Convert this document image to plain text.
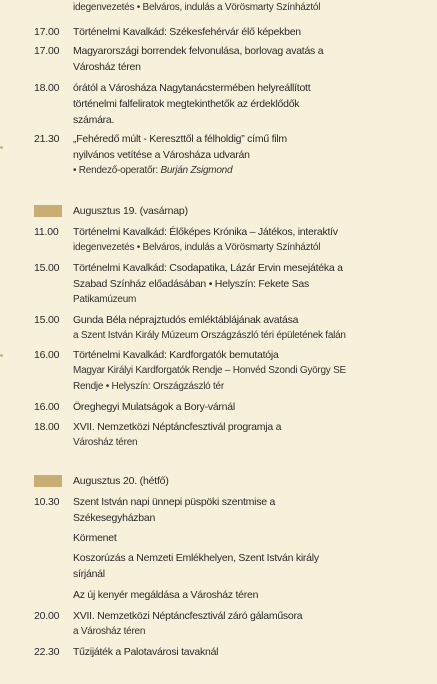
idegenvezetés • Belváros, indulás a Vörösmarty Színháztól
17.00	Történelmi Kavalkád: Székesfehérvár élő képekben
17.00	Magyarországi borrendek felvonulása, borlovag avatás a
Városház téren
18.00	órától a Városháza Nagytanácstermében helyreállított
történelmi falfeliratok megtekinthetők az érdeklődők
számára.
21.30	„Fehéredő múlt - Kereszttől a félholdig” című film
nyilvános vetítése a Városháza udvarán
• Rendező-operatőr: Burján Zsigmond
Augusztus 19. (vasárnap)
11.00	Történelmi Kavalkád: Élőképes Krónika – Játékos, interaktív
idegenvezetés • Belváros, indulás a Vörösmarty Színháztól
15.00	Történelmi Kavalkád: Csodapatika, Lázár Ervin mesejátéka a
Szabad Színház előadásában • Helyszín: Fekete Sas
Patikamúzeum
15.00	Gunda Béla néprajztudós emléktáblájának avatása
a Szent István Király Múzeum Országzászló téri épületének falán
16.00	Történelmi Kavalkád: Kardforgatók bemutatója
Magyar Királyi Kardforgatók Rendje – Honvéd Szondi György SE
Rendje • Helyszín: Országzászló tér
16.00	Öreghegyi Mulatságok a Bory-várnál
18.00	XVII. Nemzetközi Néptáncfesztivál programja a
Városház téren
Augusztus 20. (hétfő)
10.30	Szent István napi ünnepi püspöki szentmise a
Székesegyházban
Körmenet
Koszorúzás a Nemzeti Emlékhelyen, Szent István király
sírjánál
Az új kenyér megáldása a Városház téren
20.00	XVII. Nemzetközi Néptáncfesztivál záró gálaműsora
a Városház téren
22.30	Tűzijáték a Palotavárosi tavaknál
